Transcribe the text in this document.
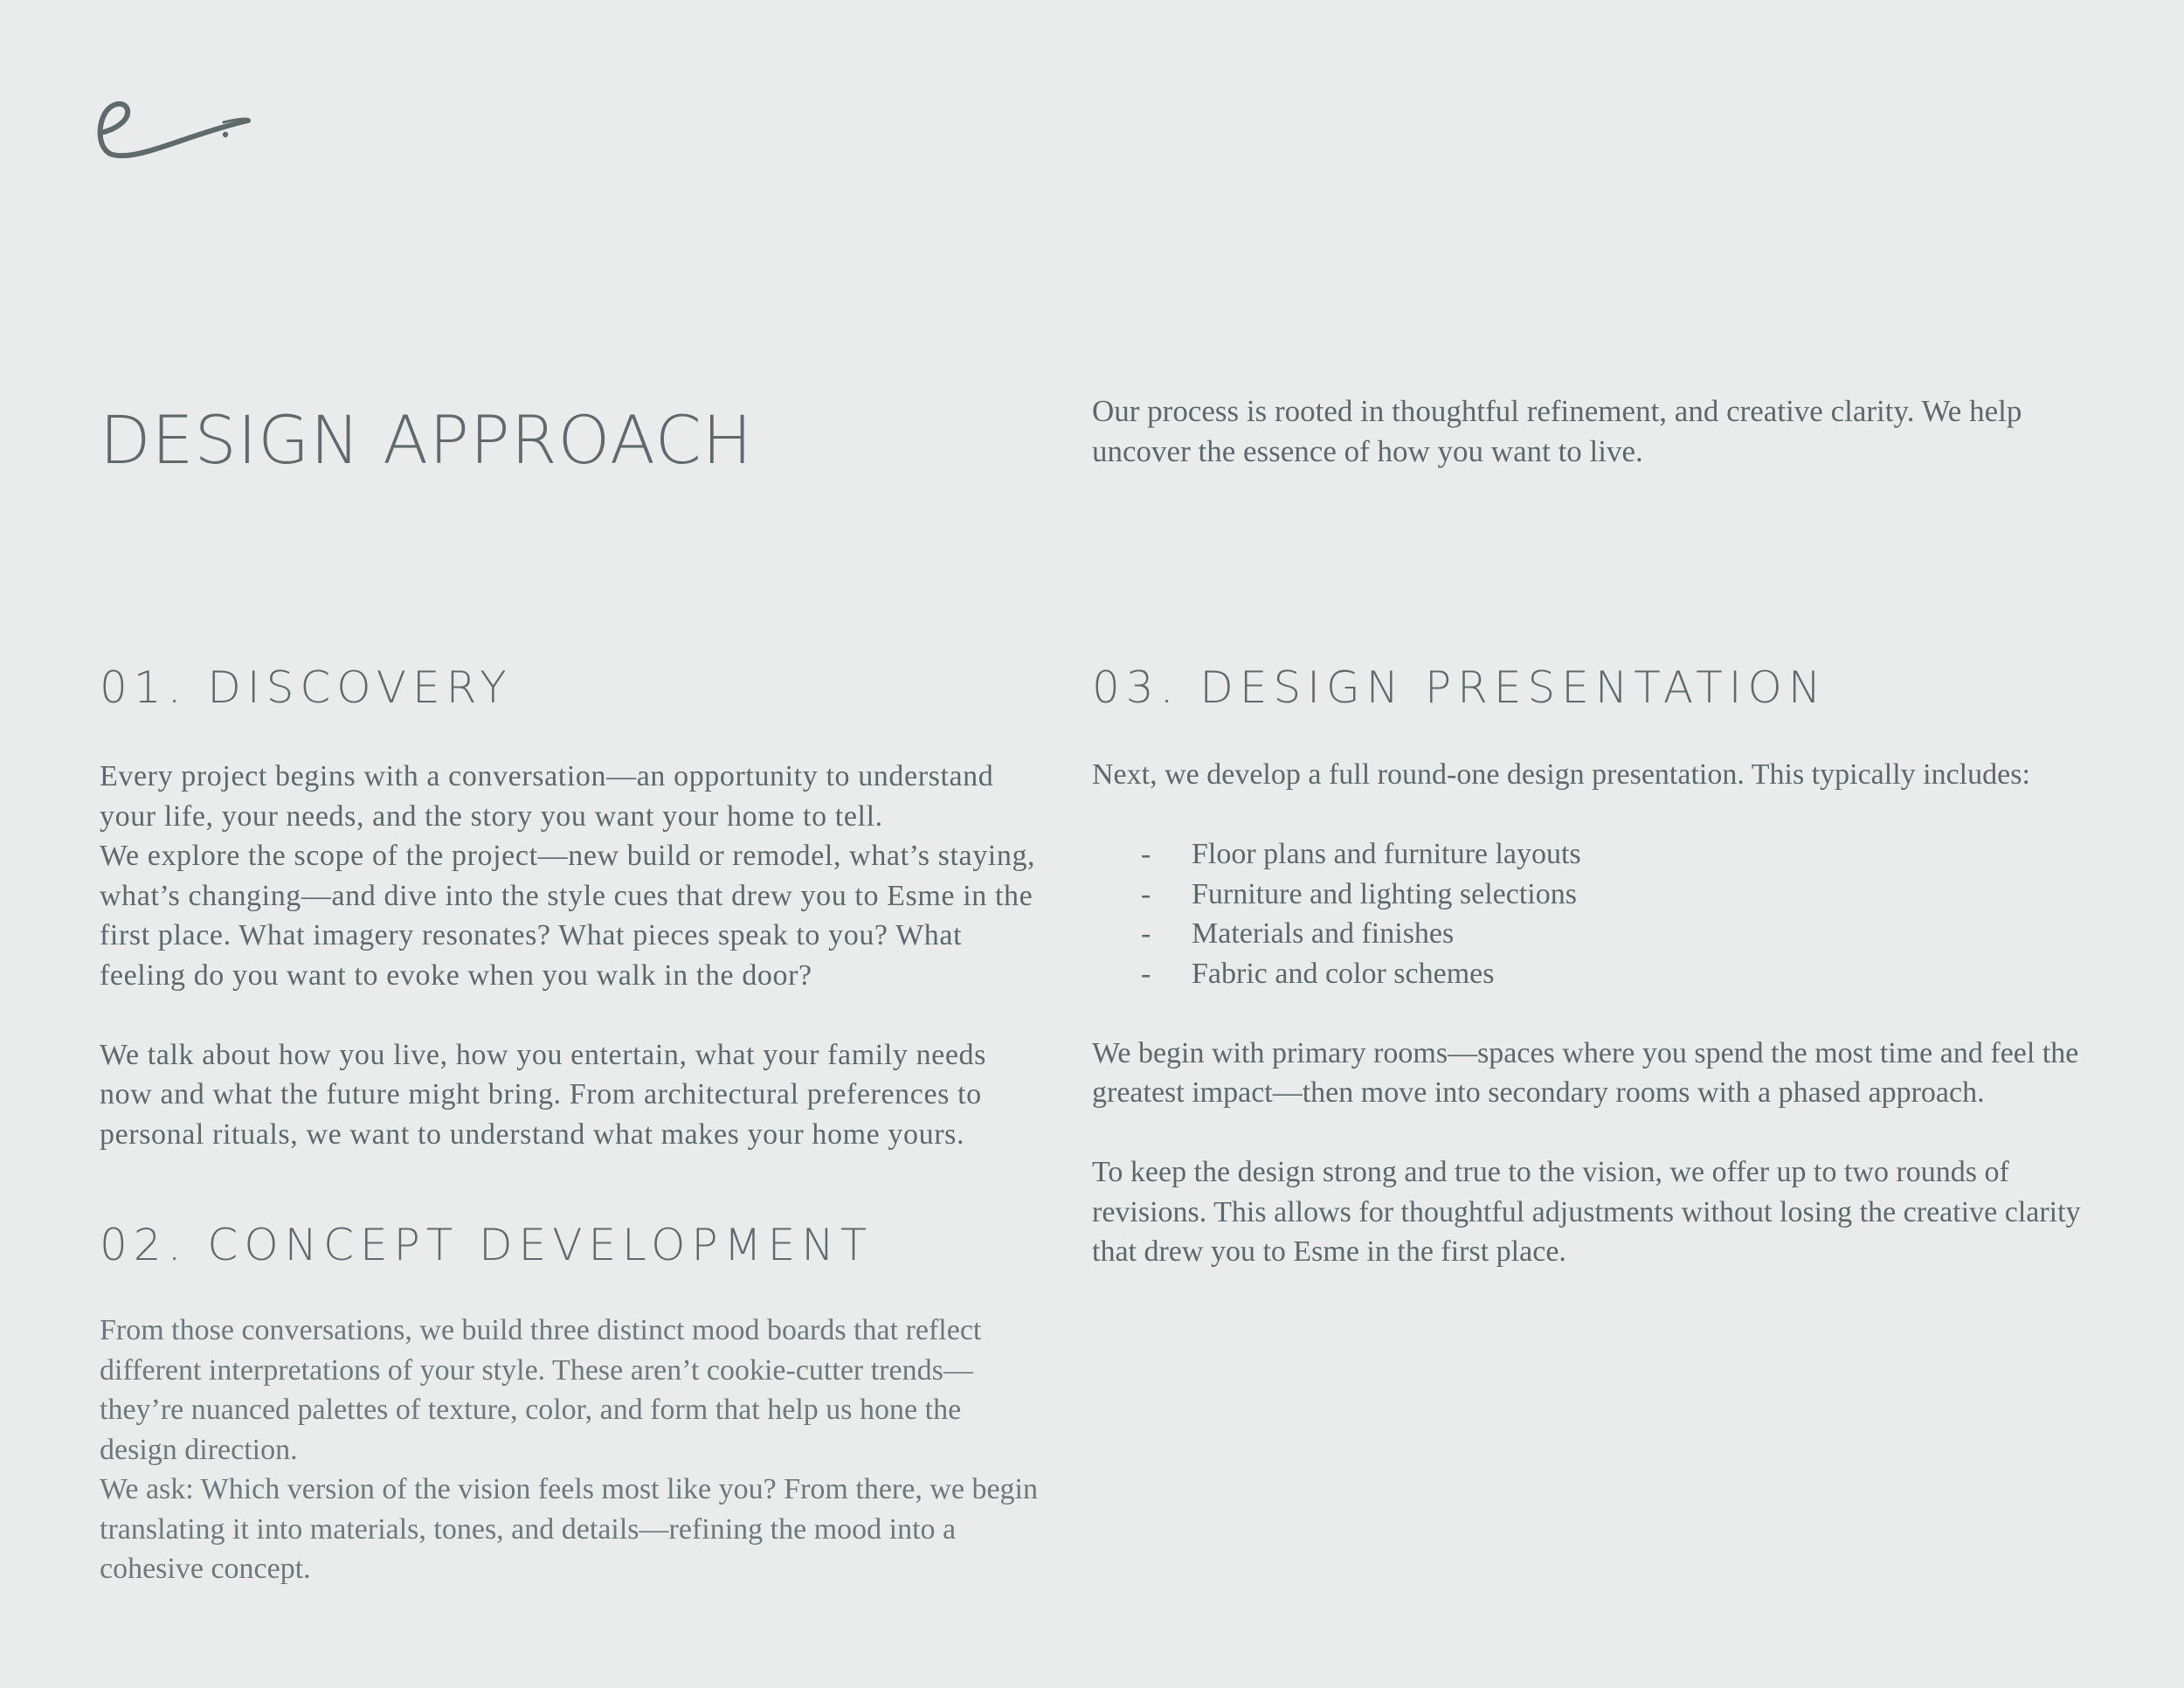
DESIGN APPROACH	Our process is rooted in thoughtful refinement, and creative clarity. We help uncover the essence of how you want to live.

01. DISCOVERY

Every project begins with a conversation—an opportunity to understand your life, your needs, and the story you want your home to tell.

We explore the scope of the project—new build or remodel, what’s staying, what’s changing—and dive into the style cues that drew you to Esme in the first place. What imagery resonates? What pieces speak to you? What feeling do you want to evoke when you walk in the door?

We talk about how you live, how you entertain, what your family needs now and what the future might bring. From architectural preferences to personal rituals, we want to understand what makes your home yours.

02. CONCEPT DEVELOPMENT

From those conversations, we build three distinct mood boards that reflect different interpretations of your style. These aren’t cookie-cutter trends—they’re nuanced palettes of texture, color, and form that help us hone the design direction.

We ask: Which version of the vision feels most like you? From there, we begin translating it into materials, tones, and details—refining the mood into a cohesive concept.

03. DESIGN PRESENTATION

Next, we develop a full round-one design presentation. This typically includes:

- Floor plans and furniture layouts
- Furniture and lighting selections
- Materials and finishes
- Fabric and color schemes

We begin with primary rooms—spaces where you spend the most time and feel the greatest impact—then move into secondary rooms with a phased approach.

To keep the design strong and true to the vision, we offer up to two rounds of revisions. This allows for thoughtful adjustments without losing the creative clarity that drew you to Esme in the first place.
